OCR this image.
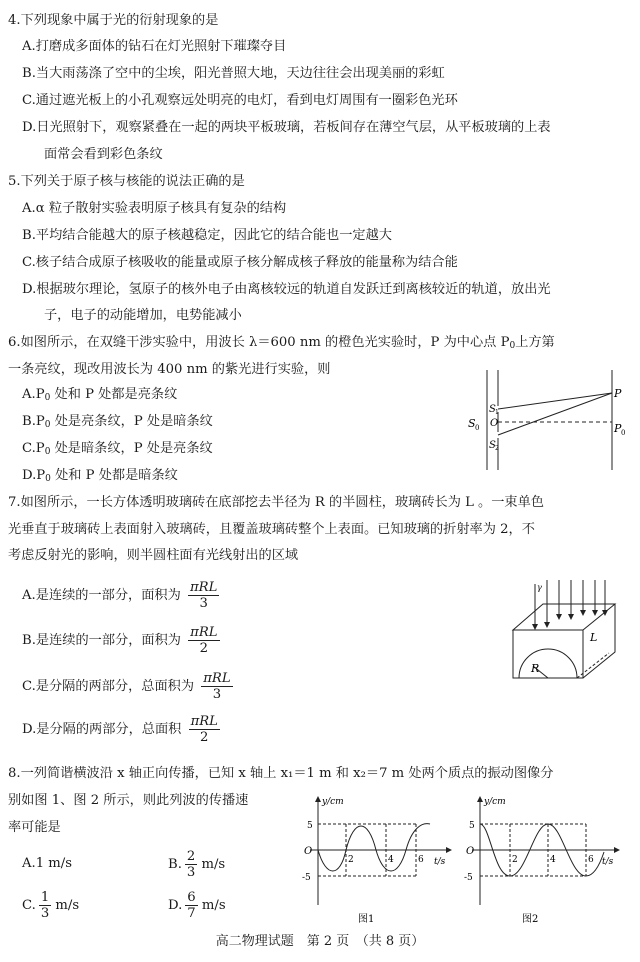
4.下列现象中属于光的衍射现象的是
A.打磨成多面体的钻石在灯光照射下璀璨夺目
B.当大雨荡涤了空中的尘埃，阳光普照大地，天边往往会出现美丽的彩虹
C.通过遮光板上的小孔观察远处明亮的电灯，看到电灯周围有一圈彩色光环
D.日光照射下，观察紧叠在一起的两块平板玻璃，若板间存在薄空气层，从平板玻璃的上表
面常会看到彩色条纹
5.下列关于原子核与核能的说法正确的是
A.α 粒子散射实验表明原子核具有复杂的结构
B.平均结合能越大的原子核越稳定，因此它的结合能也一定越大
C.核子结合成原子核吸收的能量或原子核分解成核子释放的能量称为结合能
D.根据玻尔理论，氢原子的核外电子由离核较远的轨道自发跃迁到离核较近的轨道，放出光
子，电子的动能增加，电势能减小
6.如图所示，在双缝干涉实验中，用波长 λ＝600 nm 的橙色光实验时，P 为中心点 $P_0$上方第
一条亮纹，现改用波长为 400 nm 的紫光进行实验，则
$A.P_0$ 处和 P 处都是亮条纹
$B.P_0$ 处是亮条纹，P 处是暗条纹
$C.P_0$ 处是暗条纹，P 处是亮条纹
$D.P_0$ 处和 P 处都是暗条纹
S 0
S 1
S 2
O
P
P 0
7.如图所示，一长方体透明玻璃砖在底部挖去半径为 R 的半圆柱，玻璃砖长为 L 。一束单色
光垂直于玻璃砖上表面射入玻璃砖，且覆盖玻璃砖整个上表面。已知玻璃的折射率为 2，不
考虑反射光的影响，则半圆柱面有光线射出的区域
A.是连续的一部分，面积为 $\frac{\text{πRL}}{3}$
B.是连续的一部分，面积为 $\frac{\text{πRL}}{2}$
C.是分隔的两部分，总面积为 $\frac{\text{πRL}}{3}$
D.是分隔的两部分，总面积 $\frac{\text{πRL}}{2}$
γ
R
L
8.一列简谐横波沿 x 轴正向传播，已知 x 轴上 x₁＝1 m 和 x₂＝7 m 处两个质点的振动图像分
别如图 1、图 2 所示，则此列波的传播速
率可能是
A.1 m/s	B. $\frac{2}{3} m/s$
C. $\frac{1}{3} m/s$	D. $\frac{6}{7} m/s$
y/cm
t/s
O
5
-5
2	4	6
图1
y/cm
t/s
O
5
-5
2	4	6
图2
高二物理试题　第 2 页　（共 8 页）
